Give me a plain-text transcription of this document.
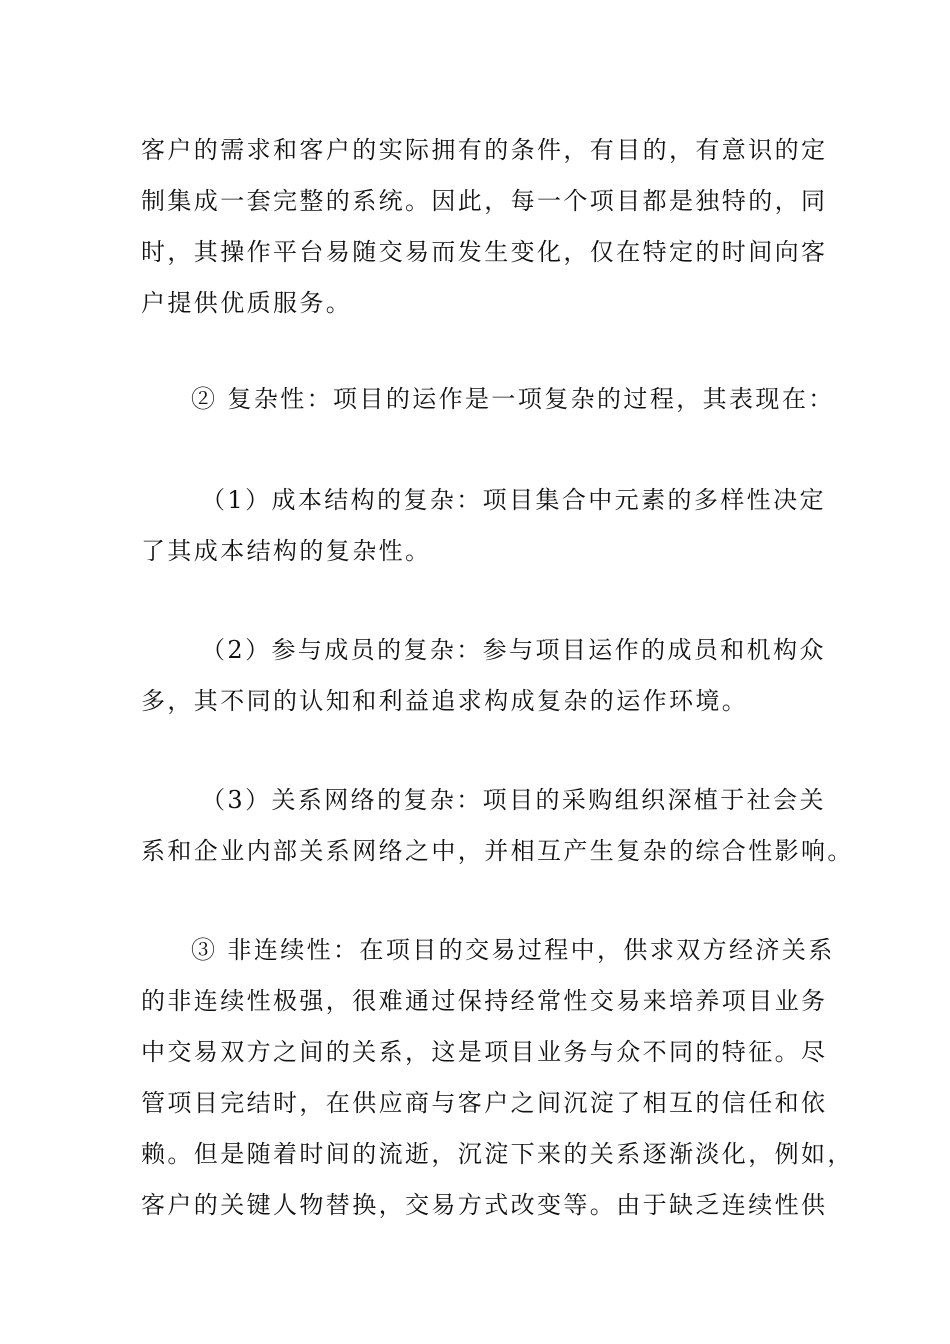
客户的需求和客户的实际拥有的条件，有目的，有意识的定
制集成一套完整的系统。因此，每一个项目都是独特的，同
时，其操作平台易随交易而发生变化，仅在特定的时间向客
户提供优质服务。

② 复杂性：项目的运作是一项复杂的过程，其表现在：

（1）成本结构的复杂：项目集合中元素的多样性决定
了其成本结构的复杂性。

（2）参与成员的复杂：参与项目运作的成员和机构众
多，其不同的认知和利益追求构成复杂的运作环境。

（3）关系网络的复杂：项目的采购组织深植于社会关
系和企业内部关系网络之中，并相互产生复杂的综合性影响。

③ 非连续性：在项目的交易过程中，供求双方经济关系
的非连续性极强，很难通过保持经常性交易来培养项目业务
中交易双方之间的关系，这是项目业务与众不同的特征。尽
管项目完结时，在供应商与客户之间沉淀了相互的信任和依
赖。但是随着时间的流逝，沉淀下来的关系逐渐淡化，例如，
客户的关键人物替换，交易方式改变等。由于缺乏连续性供
